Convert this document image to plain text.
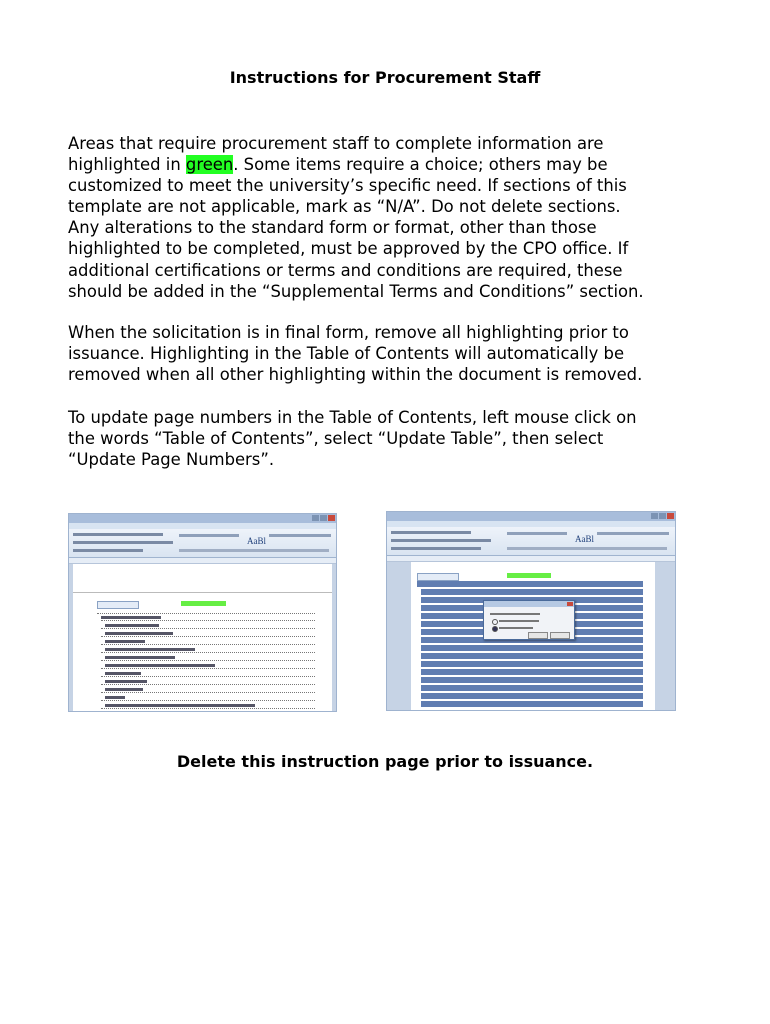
Instructions for Procurement Staff
Areas that require procurement staff to complete information are
highlighted in green. Some items require a choice; others may be
customized to meet the university’s specific need. If sections of this
template are not applicable, mark as “N/A”. Do not delete sections.
Any alterations to the standard form or format, other than those
highlighted to be completed, must be approved by the CPO office. If
additional certifications or terms and conditions are required, these
should be added in the “Supplemental Terms and Conditions” section.
When the solicitation is in final form, remove all highlighting prior to
issuance. Highlighting in the Table of Contents will automatically be
removed when all other highlighting within the document is removed.
To update page numbers in the Table of Contents, left mouse click on
the words “Table of Contents”, select “Update Table”, then select
“Update Page Numbers”.
AaBl	AaBl
Delete this instruction page prior to issuance.
